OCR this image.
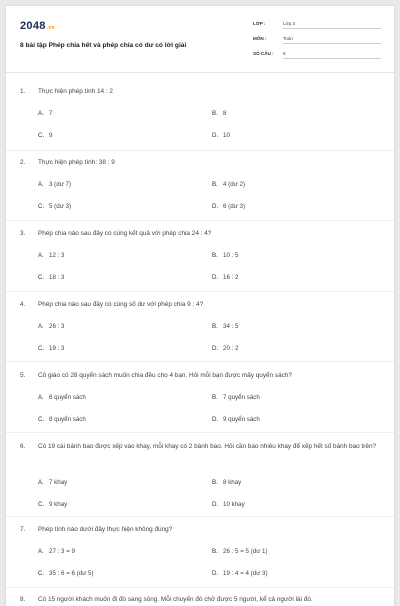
2048.vn
8 bài tập Phép chia hết và phép chia có dư có lời giải
LỚP :	Lớp 3
MÔN :	Toán
SỐ CÂU : 8
1. Thực hiện phép tính 14 : 2
A. 7	B. 8
C. 9	D. 10
2. Thực hiện phép tính: 38 : 9
A. 3 (dư 7)	B. 4 (dư 2)
C. 5 (dư 3)	D. 6 (dư 3)
3. Phép chia nào sau đây có cùng kết quả với phép chia 24 : 4?
A. 12 : 3	B. 10 : 5
C. 18 : 3	D. 16 : 2
4. Phép chia nào sau đây có cùng số dư với phép chia 9 : 4?
A. 26 : 3	B. 34 : 5
C. 19 : 3	D. 20 : 2
5. Cô giáo có 28 quyển sách muốn chia đều cho 4 bạn. Hỏi mỗi bạn được mấy quyển sách?
A. 6 quyển sách	B. 7 quyển sách
C. 8 quyển sách	D. 9 quyển sách
6. Có 19 cái bánh bao được xếp vào khay, mỗi khay có 2 bánh bao. Hỏi cần bao nhiêu khay để xếp hết số bánh bao trên?
A. 7 khay	B. 8 khay
C. 9 khay	D. 10 khay
7. Phép tính nào dưới đây thực hiện không đúng?
A. 27 : 3 = 9	B. 26 : 5 = 5 (dư 1)
C. 35 : 6 = 6 (dư 5)	D. 19 : 4 = 4 (dư 3)
8. Có 15 người khách muốn đi đò sang sông. Mỗi chuyến đò chở được 5 người, kể cả người lái đò.
